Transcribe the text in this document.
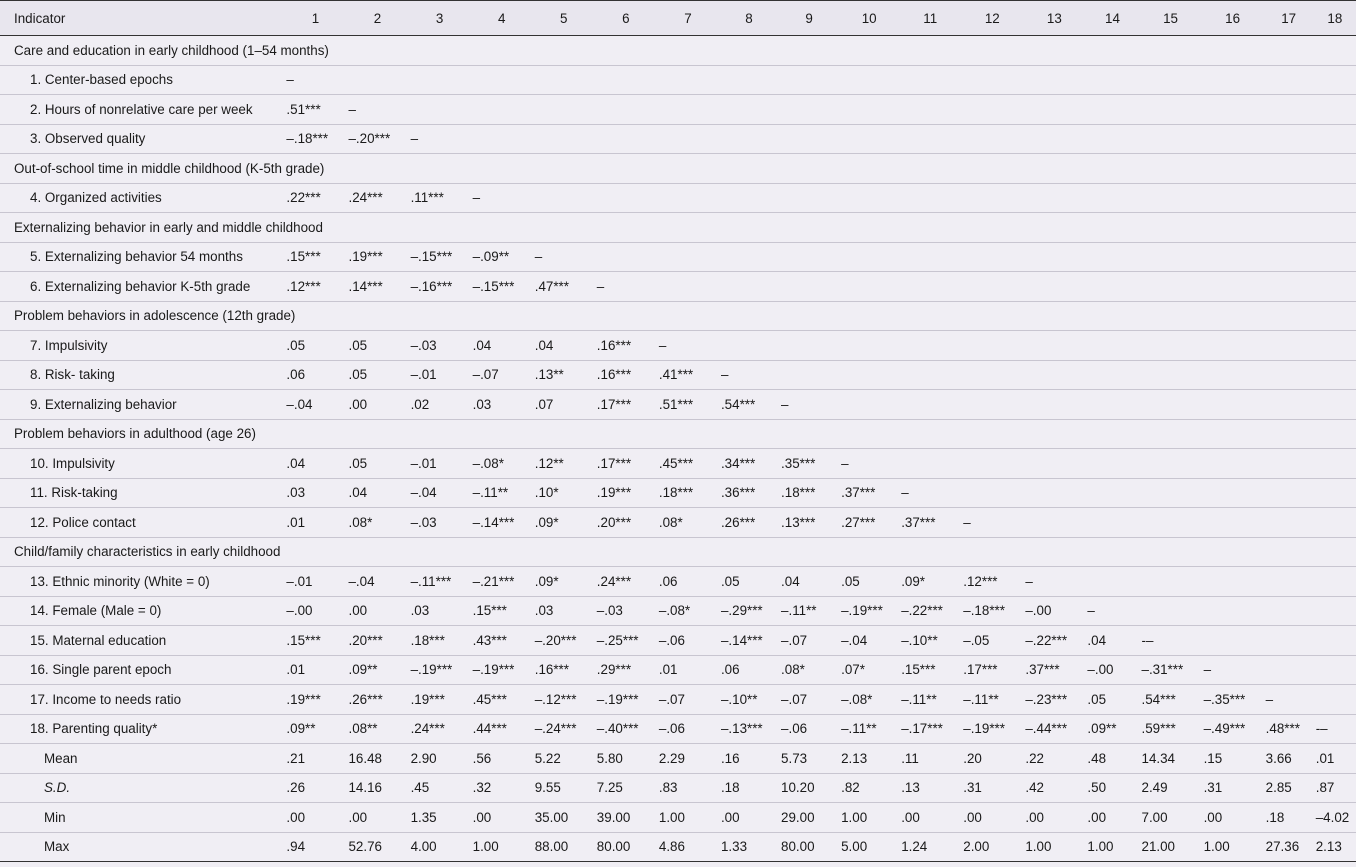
Indicator	1	2	3	4	5	6	7	8	9	10	11	12	13	14	15	16	17	18
Care and education in early childhood (1–54 months)																		
1. Center-based epochs	–																	
2. Hours of nonrelative care per week	.51***	–																
3. Observed quality	–.18***	–.20***	–															
Out-of-school time in middle childhood (K-5th grade)																		
4. Organized activities	.22***	.24***	.11***	–														
Externalizing behavior in early and middle childhood																		
5. Externalizing behavior 54 months	.15***	.19***	–.15***	–.09**	–													
6. Externalizing behavior K-5th grade	.12***	.14***	–.16***	–.15***	.47***	–												
Problem behaviors in adolescence (12th grade)																		
7. Impulsivity	.05	.05	–.03	.04	.04	.16***	–											
8. Risk- taking	.06	.05	–.01	–.07	.13**	.16***	.41***	–										
9. Externalizing behavior	–.04	.00	.02	.03	.07	.17***	.51***	.54***	–									
Problem behaviors in adulthood (age 26)																		
10. Impulsivity	.04	.05	–.01	–.08*	.12**	.17***	.45***	.34***	.35***	–								
11. Risk-taking	.03	.04	–.04	–.11**	.10*	.19***	.18***	.36***	.18***	.37***	–							
12. Police contact	.01	.08*	–.03	–.14***	.09*	.20***	.08*	.26***	.13***	.27***	.37***	–						
Child/family characteristics in early childhood																		
13. Ethnic minority (White = 0)	–.01	–.04	–.11***	–.21***	.09*	.24***	.06	.05	.04	.05	.09*	.12***	–					
14. Female (Male = 0)	–.00	.00	.03	.15***	.03	–.03	–.08*	–.29***	–.11**	–.19***	–.22***	–.18***	–.00	–				
15. Maternal education	.15***	.20***	.18***	.43***	–.20***	–.25***	–.06	–.14***	–.07	–.04	–.10**	–.05	–.22***	.04	-–			
16. Single parent epoch	.01	.09**	–.19***	–.19***	.16***	.29***	.01	.06	.08*	.07*	.15***	.17***	.37***	–.00	–.31***	–		
17. Income to needs ratio	.19***	.26***	.19***	.45***	–.12***	–.19***	–.07	–.10**	–.07	–.08*	–.11**	–.11**	–.23***	.05	.54***	–.35***	–	
18. Parenting quality*	.09**	.08**	.24***	.44***	–.24***	–.40***	–.06	–.13***	–.06	–.11**	–.17***	–.19***	–.44***	.09**	.59***	–.49***	.48***	-–
Mean	.21	16.48	2.90	.56	5.22	5.80	2.29	.16	5.73	2.13	.11	.20	.22	.48	14.34	.15	3.66	.01
S.D.	.26	14.16	.45	.32	9.55	7.25	.83	.18	10.20	.82	.13	.31	.42	.50	2.49	.31	2.85	.87
Min	.00	.00	1.35	.00	35.00	39.00	1.00	.00	29.00	1.00	.00	.00	.00	.00	7.00	.00	.18	–4.02
Max	.94	52.76	4.00	1.00	88.00	80.00	4.86	1.33	80.00	5.00	1.24	2.00	1.00	1.00	21.00	1.00	27.36	2.13
